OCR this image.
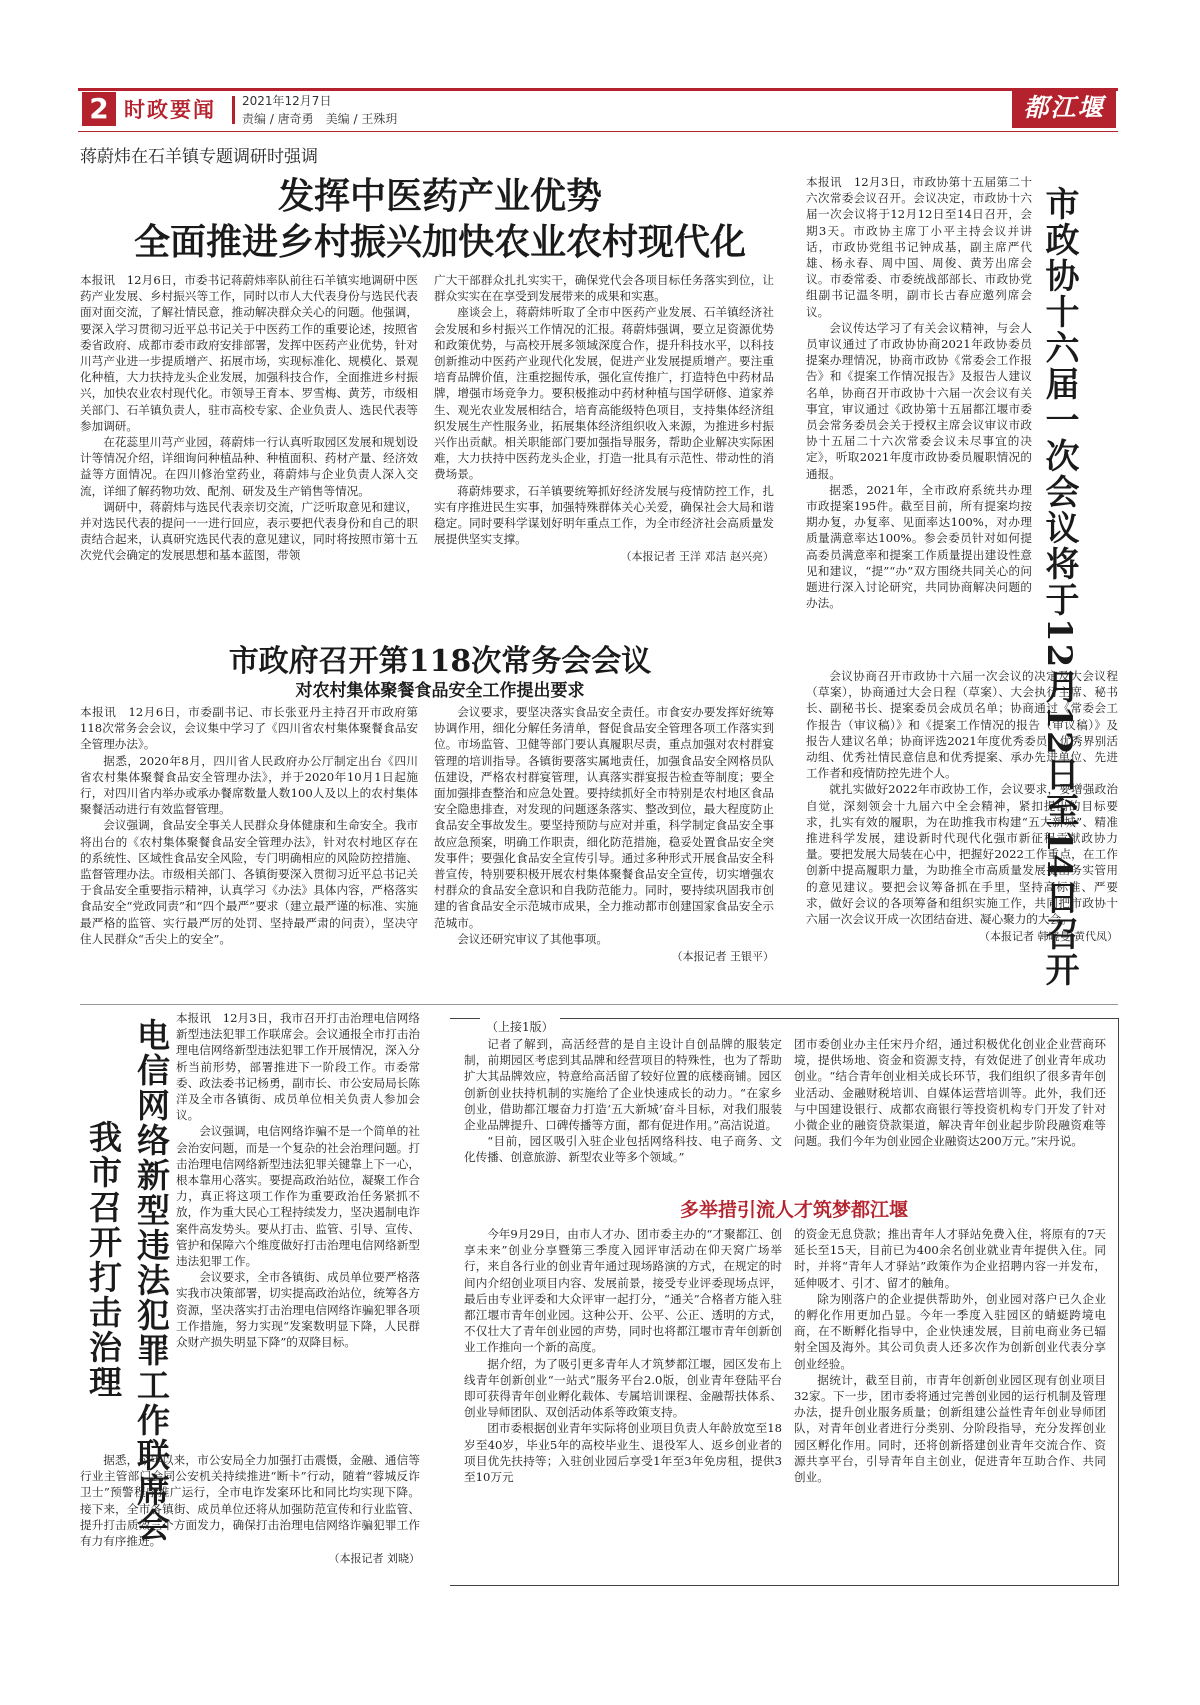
2 时政要闻 2021年12月7日
责编 / 唐奇勇　美编 / 王殊玥	都江堰报
蒋蔚炜在石羊镇专题调研时强调
发挥中医药产业优势
全面推进乡村振兴加快农业农村现代化

本报讯　12月6日，市委书记蒋蔚炜率队前往石羊镇实地调研中医药产业发展、乡村振兴等工作，同时以市人大代表身份与选民代表面对面交流，了解社情民意，推动解决群众关心的问题。他强调，要深入学习贯彻习近平总书记关于中医药工作的重要论述，按照省委省政府、成都市委市政府安排部署，发挥中医药产业优势，针对川芎产业进一步提质增产、拓展市场，实现标准化、规模化、景观化种植，大力扶持龙头企业发展，加强科技合作，全面推进乡村振兴，加快农业农村现代化。市领导王育本、罗雪梅、黄芳，市级相关部门、石羊镇负责人，驻市高校专家、企业负责人、选民代表等参加调研。

在花蕊里川芎产业园，蒋蔚炜一行认真听取园区发展和规划设计等情况介绍，详细询问种植品种、种植面积、药材产量、经济效益等方面情况。在四川修治堂药业，蒋蔚炜与企业负责人深入交流，详细了解药物功效、配剂、研发及生产销售等情况。

调研中，蒋蔚炜与选民代表亲切交流，广泛听取意见和建议，并对选民代表的提问一一进行回应，表示要把代表身份和自己的职责结合起来，认真研究选民代表的意见建议，同时将按照市第十五次党代会确定的发展思想和基本蓝图，带领

广大干部群众扎扎实实干，确保党代会各项目标任务落实到位，让群众实实在在享受到发展带来的成果和实惠。

座谈会上，蒋蔚炜听取了全市中医药产业发展、石羊镇经济社会发展和乡村振兴工作情况的汇报。蒋蔚炜强调，要立足资源优势和政策优势，与高校开展多领域深度合作，提升科技水平，以科技创新推动中医药产业现代化发展，促进产业发展提质增产。要注重培育品牌价值，注重挖掘传承，强化宣传推广，打造特色中药材品牌，增强市场竞争力。要积极推动中药材种植与国学研修、道家养生、观光农业发展相结合，培育高能级特色项目，支持集体经济组织发展生产性服务业，拓展集体经济组织收入来源，为推进乡村振兴作出贡献。相关职能部门要加强指导服务，帮助企业解决实际困难，大力扶持中医药龙头企业，打造一批具有示范性、带动性的消费场景。

蒋蔚炜要求，石羊镇要统筹抓好经济发展与疫情防控工作，扎实有序推进民生实事，加强特殊群体关心关爱，确保社会大局和谐稳定。同时要科学谋划好明年重点工作，为全市经济社会高质量发展提供坚实支撑。

（本报记者 王洋 邓洁 赵兴亮）	市政协十六届一次会议将于12月12日至14日召开

本报讯　12月3日，市政协第十五届第二十六次常委会议召开。会议决定，市政协十六届一次会议将于12月12日至14日召开，会期3天。市政协主席丁小平主持会议并讲话，市政协党组书记钟成基，副主席严代雄、杨永春、周中国、周俊、黄芳出席会议。市委常委、市委统战部部长、市政协党组副书记温冬明，副市长古春应邀列席会议。

会议传达学习了有关会议精神，与会人员审议通过了市政协协商2021年政协委员提案办理情况，协商市政协《常委会工作报告》和《提案工作情况报告》及报告人建议名单，协商召开市政协十六届一次会议有关事宜，审议通过《政协第十五届都江堰市委员会常务委员会关于授权主席会议审议市政协十五届二十六次常委会议未尽事宜的决定》，听取2021年度市政协委员履职情况的通报。

据悉，2021年，全市政府系统共办理市政提案195件。截至目前，所有提案均按期办复，办复率、见面率达100%，对办理质量满意率达100%。参会委员针对如何提高委员满意率和提案工作质量提出建设性意见和建议，“提”“办”双方围绕共同关心的问题进行深入讨论研究，共同协商解决问题的办法。

会议协商召开市政协十六届一次会议的决定及大会议程（草案），协商通过大会日程（草案）、大会执行主席、秘书长、副秘书长、提案委员会成员名单；协商通过《常委会工作报告（审议稿）》和《提案工作情况的报告（审议稿）》及报告人建议名单；协商评选2021年度优秀委员、优秀界别活动组、优秀社情民意信息和优秀提案、承办先进单位、先进工作者和疫情防控先进个人。

就扎实做好2022年市政协工作，会议要求，要增强政治自觉，深刻领会十九届六中全会精神，紧扣提出的目标要求，扎实有效的履职，为在助推我市构建“五大新城”、精准推进科学发展，建设新时代现代化强市新征程贡献政协力量。要把发展大局装在心中，把握好2022工作重点，在工作创新中提高履职力量，为助推全市高质量发展提出务实管用的意见建议。要把会议筹备抓在手里，坚持高标准、严要求，做好会议的各项筹备和组织实施工作，共同把市政协十六届一次会议开成一次团结奋进、凝心聚力的大会。

（本报记者 韩晓曼 黄代凤）
市政府召开第118次常务会会议
对农村集体聚餐食品安全工作提出要求

本报讯　12月6日，市委副书记、市长张亚丹主持召开市政府第118次常务会会议，会议集中学习了《四川省农村集体聚餐食品安全管理办法》。

据悉，2020年8月，四川省人民政府办公厅制定出台《四川省农村集体聚餐食品安全管理办法》，并于2020年10月1日起施行，对四川省内举办或承办餐席数量人数100人及以上的农村集体聚餐活动进行有效监督管理。

会议强调，食品安全事关人民群众身体健康和生命安全。我市将出台的《农村集体聚餐食品安全管理办法》，针对农村地区存在的系统性、区域性食品安全风险，专门明确相应的风险防控措施、监督管理办法。市级相关部门、各镇街要深入贯彻习近平总书记关于食品安全重要指示精神，认真学习《办法》具体内容，严格落实食品安全“党政同责”和“四个最严”要求（建立最严谨的标准、实施最严格的监管、实行最严厉的处罚、坚持最严肃的问责），坚决守住人民群众“舌尖上的安全”。

会议要求，要坚决落实食品安全责任。市食安办要发挥好统筹协调作用，细化分解任务清单，督促食品安全管理各项工作落实到位。市场监管、卫健等部门要认真履职尽责，重点加强对农村群宴管理的培训指导。各镇街要落实属地责任，加强食品安全网格员队伍建设，严格农村群宴管理，认真落实群宴报告检查等制度；要全面加强排查整治和应急处置。要持续抓好全市特别是农村地区食品安全隐患排查，对发现的问题逐条落实、整改到位，最大程度防止食品安全事故发生。要坚持预防与应对并重，科学制定食品安全事故应急预案，明确工作职责，细化防范措施，稳妥处置食品安全突发事件；要强化食品安全宣传引导。通过多种形式开展食品安全科普宣传，特别要积极开展农村集体聚餐食品安全宣传，切实增强农村群众的食品安全意识和自我防范能力。同时，要持续巩固我市创建的省食品安全示范城市成果，全力推动都市创建国家食品安全示范城市。

会议还研究审议了其他事项。

（本报记者 王银平）
电信网络新型违法犯罪工作联席会
我市召开打击治理

本报讯　12月3日，我市召开打击治理电信网络新型违法犯罪工作联席会。会议通报全市打击治理电信网络新型违法犯罪工作开展情况，深入分析当前形势，部署推进下一阶段工作。市委常委、政法委书记杨勇，副市长、市公安局局长陈洋及全市各镇街、成员单位相关负责人参加会议。

会议强调，电信网络诈骗不是一个简单的社会治安问题，而是一个复杂的社会治理问题。打击治理电信网络新型违法犯罪关键靠上下一心，根本靠用心落实。要提高政治站位，凝聚工作合力，真正将这项工作作为重要政治任务紧抓不放，作为重大民心工程持续发力，坚决遏制电诈案件高发势头。要从打击、监管、引导、宣传、管护和保障六个维度做好打击治理电信网络新型违法犯罪工作。

会议要求，全市各镇街、成员单位要严格落实我市决策部署，切实提高政治站位，统筹各方资源，坚决落实打击治理电信网络诈骗犯罪各项工作措施，努力实现“发案数明显下降，人民群众财产损失明显下降”的双降目标。

据悉，今年以来，市公安局全力加强打击震慑，金融、通信等行业主管部门会同公安机关持续推进“断卡”行动，随着“蓉城反诈卫士”预警程序推广运行，全市电诈发案环比和同比均实现下降。接下来，全市各镇街、成员单位还将从加强防范宣传和行业监管、提升打击质效三个方面发力，确保打击治理电信网络诈骗犯罪工作有力有序推进。

（本报记者 刘晓）
（上接1版）

记者了解到，高活经营的是自主设计自创品牌的服装定制，前期园区考虑到其品牌和经营项目的特殊性，也为了帮助扩大其品牌效应，特意给高活留了较好位置的底楼商铺。园区创新创业扶持机制的实施给了企业快速成长的动力。“在家乡创业，借助都江堰奋力打造‘五大新城’奋斗目标，对我们服装企业品牌提升、口碑传播等方面，都有促进作用。”高洁说道。

“目前，园区吸引入驻企业包括网络科技、电子商务、文化传播、创意旅游、新型农业等多个领域。”

团市委创业办主任宋丹介绍，通过积极优化创业企业营商环境，提供场地、资金和资源支持，有效促进了创业青年成功创业。“结合青年创业相关成长环节，我们组织了很多青年创业活动、金融财税培训、自媒体运营培训等。此外，我们还与中国建设银行、成都农商银行等投资机构专门开发了针对小微企业的融资贷款渠道，解决青年创业起步阶段融资难等问题。我们今年为创业园企业融资达200万元。”宋丹说。

多举措引流人才筑梦都江堰

今年9月29日，由市人才办、团市委主办的“才聚都江、创享未来”创业分享暨第三季度入园评审活动在仰天窝广场举行，来自各行业的创业青年通过现场路演的方式，在规定的时间内介绍创业项目内容、发展前景，接受专业评委现场点评，最后由专业评委和大众评审一起打分，“通关”合格者方能入驻都江堰市青年创业园。这种公开、公平、公正、透明的方式，不仅壮大了青年创业园的声势，同时也将都江堰市青年创新创业工作推向一个新的高度。

据介绍，为了吸引更多青年人才筑梦都江堰，园区发布上线青年创新创业“一站式”服务平台2.0版，创业青年登陆平台即可获得青年创业孵化载体、专属培训课程、金融帮扶体系、创业导师团队、双创活动体系等政策支持。

团市委根据创业青年实际将创业项目负责人年龄放宽至18岁至40岁，毕业5年的高校毕业生、退役军人、返乡创业者的项目优先扶持等；入驻创业园后享受1年至3年免房租，提供3至10万元

的资金无息贷款；推出青年人才驿站免费入住，将原有的7天延长至15天，目前已为400余名创业就业青年提供入住。同时，并将“青年人才驿站”政策作为企业招聘内容一并发布，延伸吸才、引才、留才的触角。

除为刚落户的企业提供帮助外，创业园对落户已久企业的孵化作用更加凸显。今年一季度入驻园区的蜻蜓跨境电商，在不断孵化指导中，企业快速发展，目前电商业务已辐射全国及海外。其公司负责人还多次作为创新创业代表分享创业经验。

据统计，截至目前，市青年创新创业园区现有创业项目32家。下一步，团市委将通过完善创业园的运行机制及管理办法，提升创业服务质量；创新组建公益性青年创业导师团队，对青年创业者进行分类别、分阶段指导，充分发挥创业园区孵化作用。同时，还将创新搭建创业青年交流合作、资源共享平台，引导青年自主创业，促进青年互助合作、共同创业。
